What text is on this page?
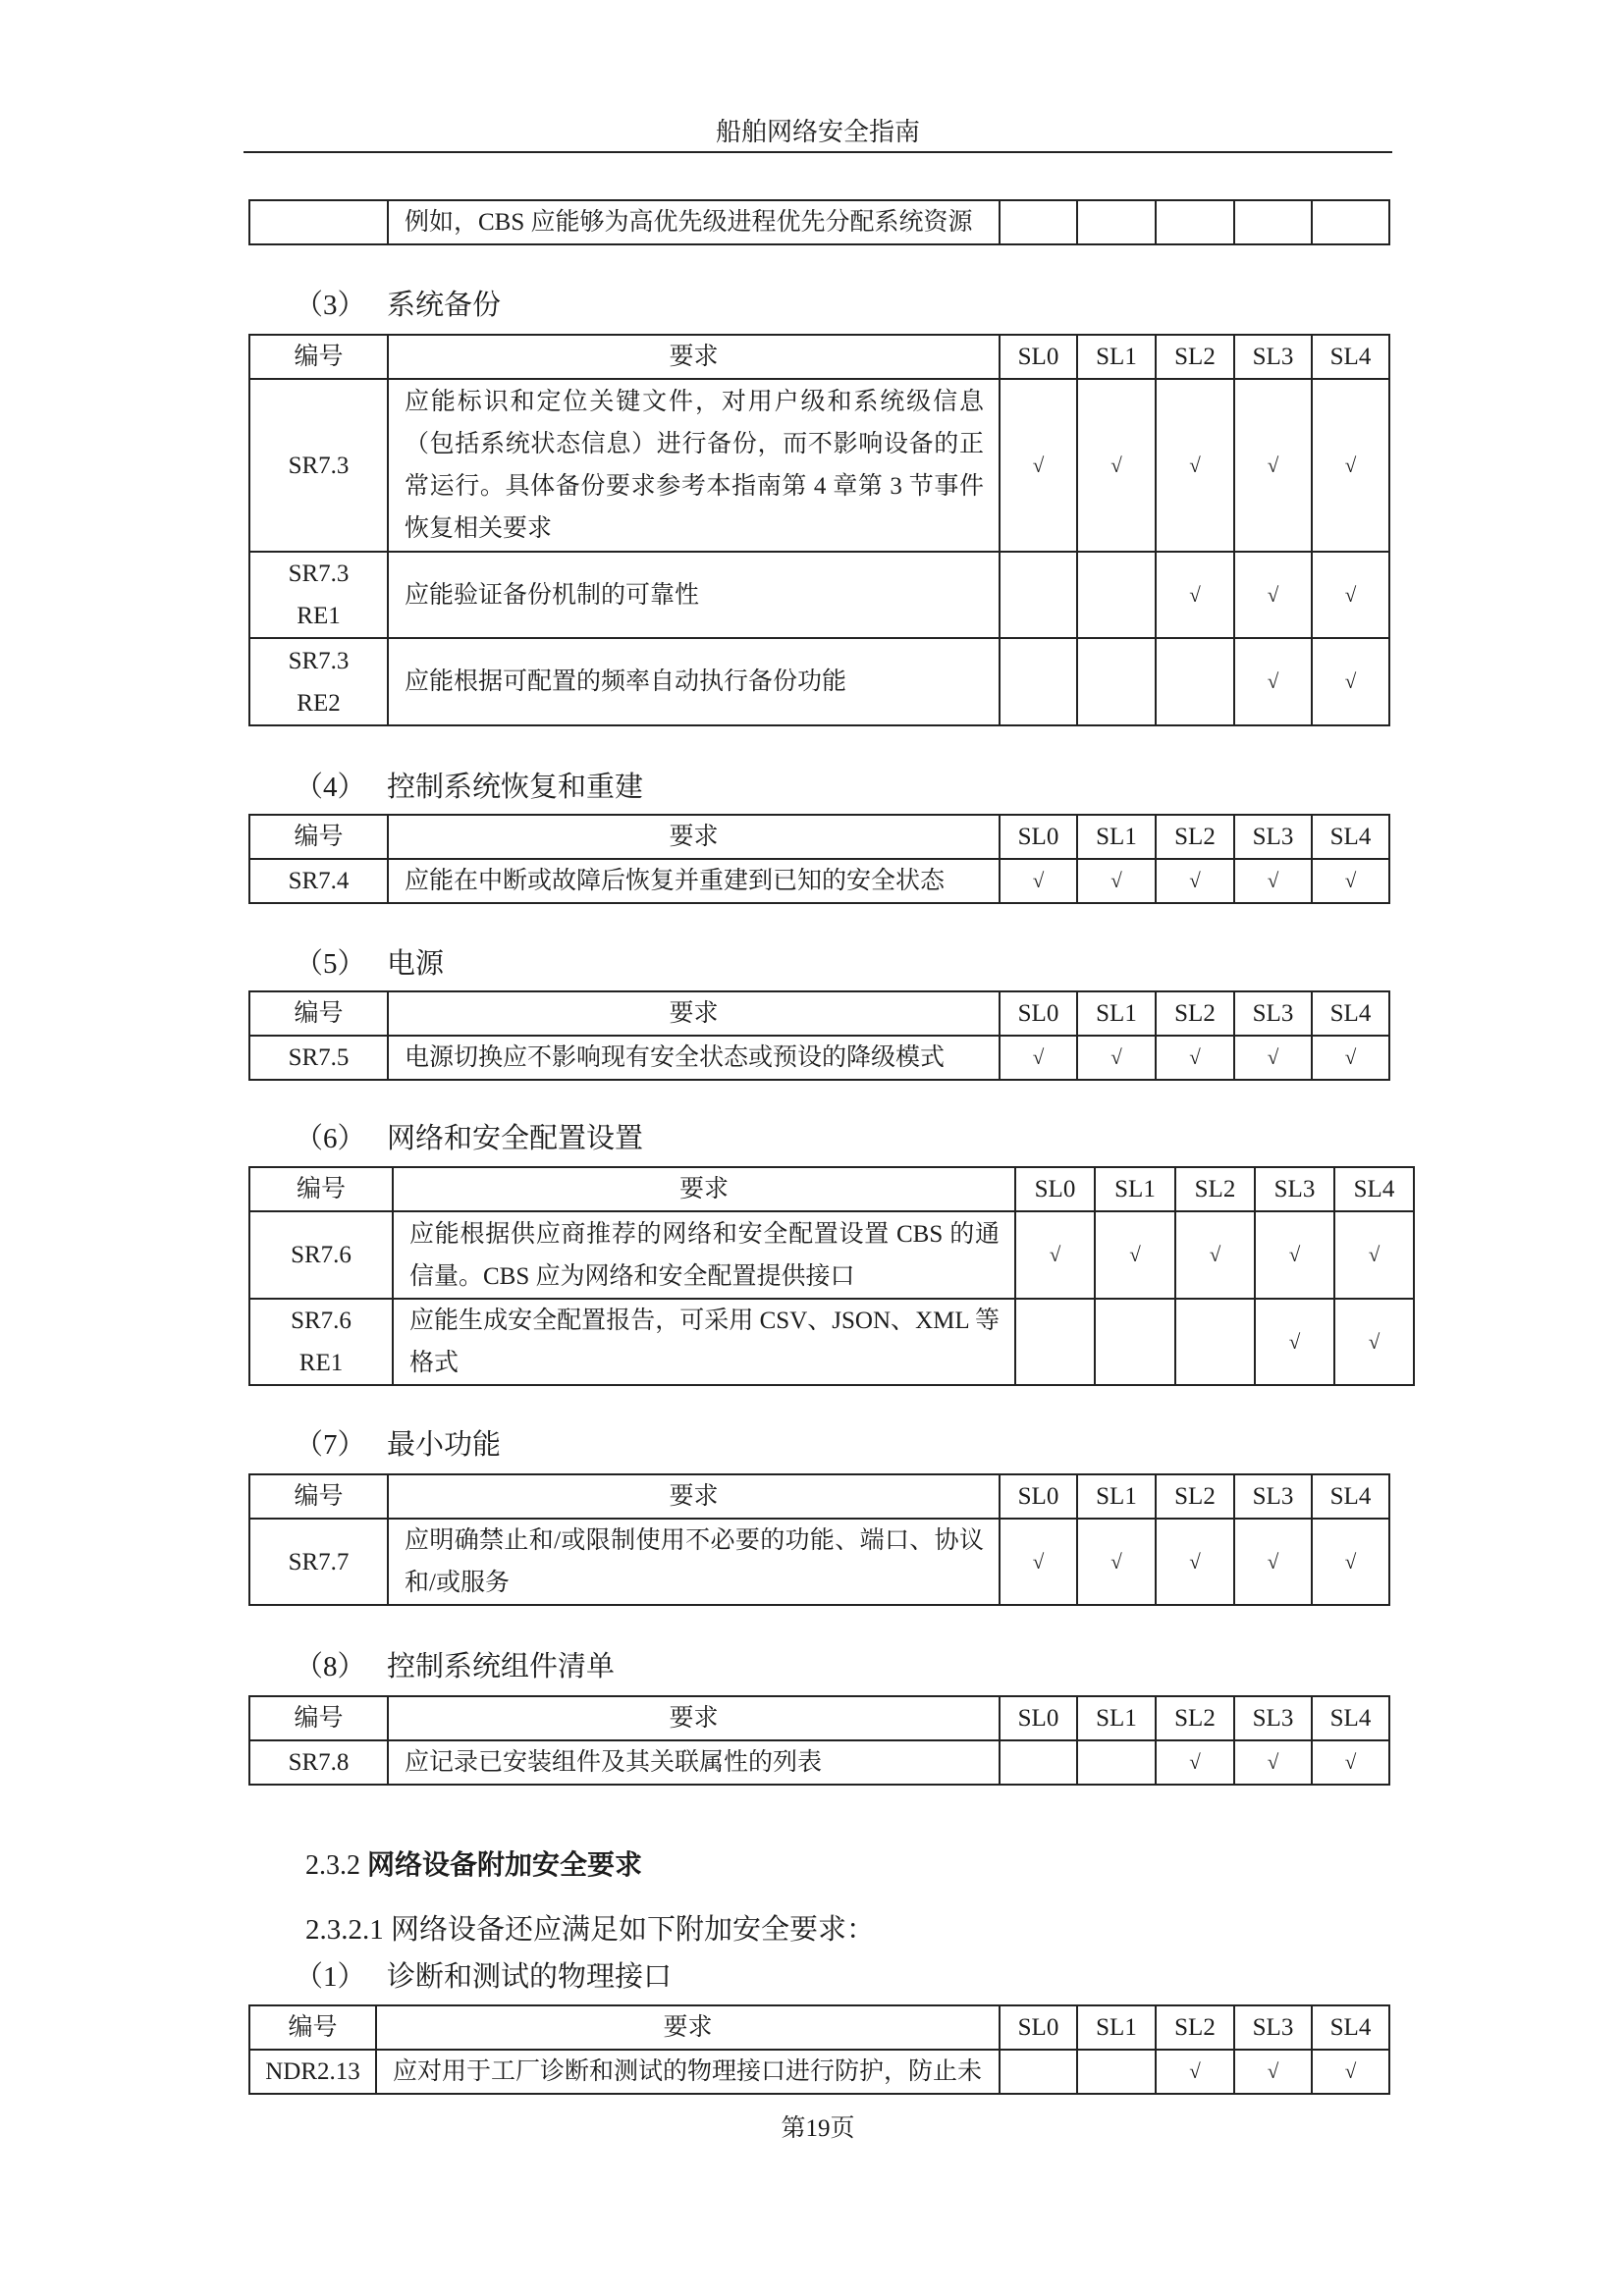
船舶网络安全指南
	例如，CBS 应能够为高优先级进程优先分配系统资源					
（3） 系统备份
编号	要求	SL0	SL1	SL2	SL3	SL4
SR7.3	应能标识和定位关键文件，对用户级和系统级信息（包括系统状态信息）进行备份，而不影响设备的正常运行。具体备份要求参考本指南第 4 章第 3 节事件恢复相关要求	√	√	√	√	√
SR7.3 RE1	应能验证备份机制的可靠性			√	√	√
SR7.3 RE2	应能根据可配置的频率自动执行备份功能				√	√
（4） 控制系统恢复和重建
编号	要求	SL0	SL1	SL2	SL3	SL4
SR7.4	应能在中断或故障后恢复并重建到已知的安全状态	√	√	√	√	√
（5） 电源
编号	要求	SL0	SL1	SL2	SL3	SL4
SR7.5	电源切换应不影响现有安全状态或预设的降级模式	√	√	√	√	√
（6） 网络和安全配置设置
编号	要求	SL0	SL1	SL2	SL3	SL4
SR7.6	应能根据供应商推荐的网络和安全配置设置 CBS 的通信量。CBS 应为网络和安全配置提供接口	√	√	√	√	√
SR7.6 RE1	应能生成安全配置报告，可采用 CSV、JSON、XML 等格式				√	√
（7） 最小功能
编号	要求	SL0	SL1	SL2	SL3	SL4
SR7.7	应明确禁止和/或限制使用不必要的功能、端口、协议和/或服务	√	√	√	√	√
（8） 控制系统组件清单
编号	要求	SL0	SL1	SL2	SL3	SL4
SR7.8	应记录已安装组件及其关联属性的列表			√	√	√
2.3.2 网络设备附加安全要求
2.3.2.1 网络设备还应满足如下附加安全要求：
（1） 诊断和测试的物理接口
编号	要求	SL0	SL1	SL2	SL3	SL4
NDR2.13	应对用于工厂诊断和测试的物理接口进行防护，防止未			√	√	√
第19页
